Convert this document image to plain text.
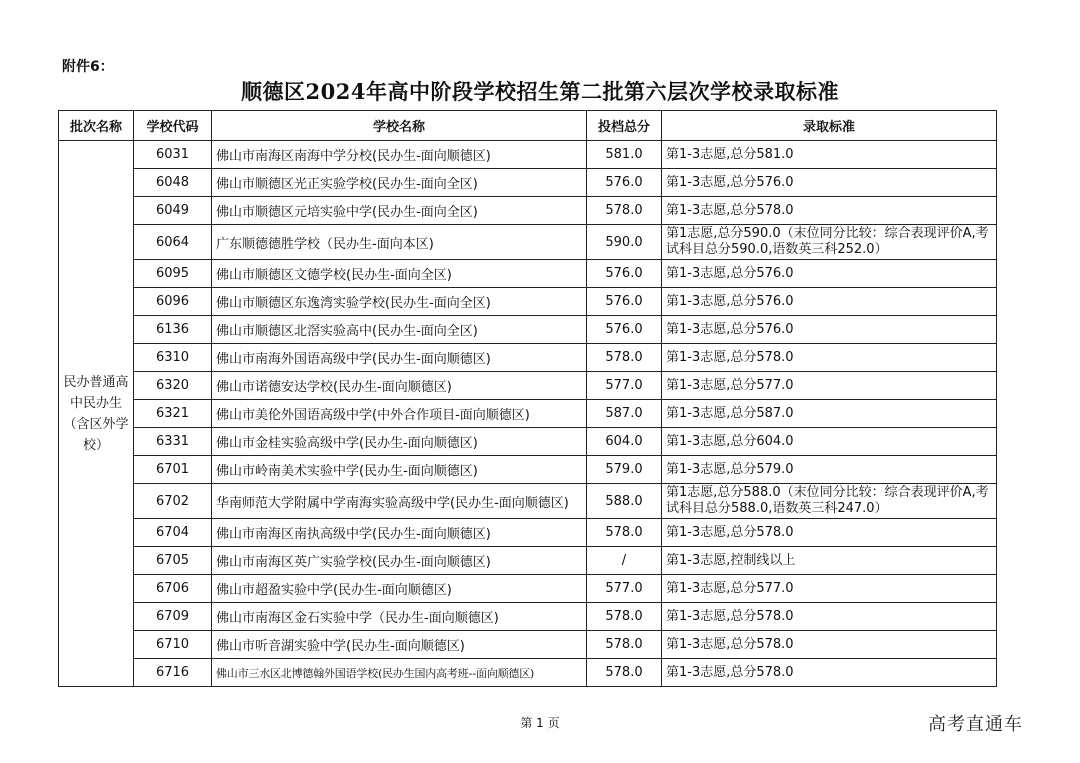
附件6：
顺德区2024年高中阶段学校招生第二批第六层次学校录取标准
批次名称	学校代码	学校名称	投档总分	录取标准
民办普通高中民办生（含区外学校）	6031	佛山市南海区南海中学分校(民办生-面向顺德区)	581.0	第1-3志愿,总分581.0
	6048	佛山市顺德区光正实验学校(民办生-面向全区)	576.0	第1-3志愿,总分576.0
	6049	佛山市顺德区元培实验中学(民办生-面向全区)	578.0	第1-3志愿,总分578.0
	6064	广东顺德德胜学校（民办生-面向本区)	590.0	第1志愿,总分590.0（末位同分比较：综合表现评价A,考试科目总分590.0,语数英三科252.0）
	6095	佛山市顺德区文德学校(民办生-面向全区)	576.0	第1-3志愿,总分576.0
	6096	佛山市顺德区东逸湾实验学校(民办生-面向全区)	576.0	第1-3志愿,总分576.0
	6136	佛山市顺德区北滘实验高中(民办生-面向全区)	576.0	第1-3志愿,总分576.0
	6310	佛山市南海外国语高级中学(民办生-面向顺德区)	578.0	第1-3志愿,总分578.0
	6320	佛山市诺德安达学校(民办生-面向顺德区)	577.0	第1-3志愿,总分577.0
	6321	佛山市美伦外国语高级中学(中外合作项目-面向顺德区)	587.0	第1-3志愿,总分587.0
	6331	佛山市金桂实验高级中学(民办生-面向顺德区)	604.0	第1-3志愿,总分604.0
	6701	佛山市岭南美术实验中学(民办生-面向顺德区)	579.0	第1-3志愿,总分579.0
	6702	华南师范大学附属中学南海实验高级中学(民办生-面向顺德区)	588.0	第1志愿,总分588.0（末位同分比较：综合表现评价A,考试科目总分588.0,语数英三科247.0）
	6704	佛山市南海区南执高级中学(民办生-面向顺德区)	578.0	第1-3志愿,总分578.0
	6705	佛山市南海区英广实验学校(民办生-面向顺德区)	/	第1-3志愿,控制线以上
	6706	佛山市超盈实验中学(民办生-面向顺德区)	577.0	第1-3志愿,总分577.0
	6709	佛山市南海区金石实验中学（民办生-面向顺德区)	578.0	第1-3志愿,总分578.0
	6710	佛山市听音湖实验中学(民办生-面向顺德区)	578.0	第1-3志愿,总分578.0
	6716	佛山市三水区北博德翰外国语学校(民办生国内高考班--面向顺德区)	578.0	第1-3志愿,总分578.0
第 1 页	高考直通车
